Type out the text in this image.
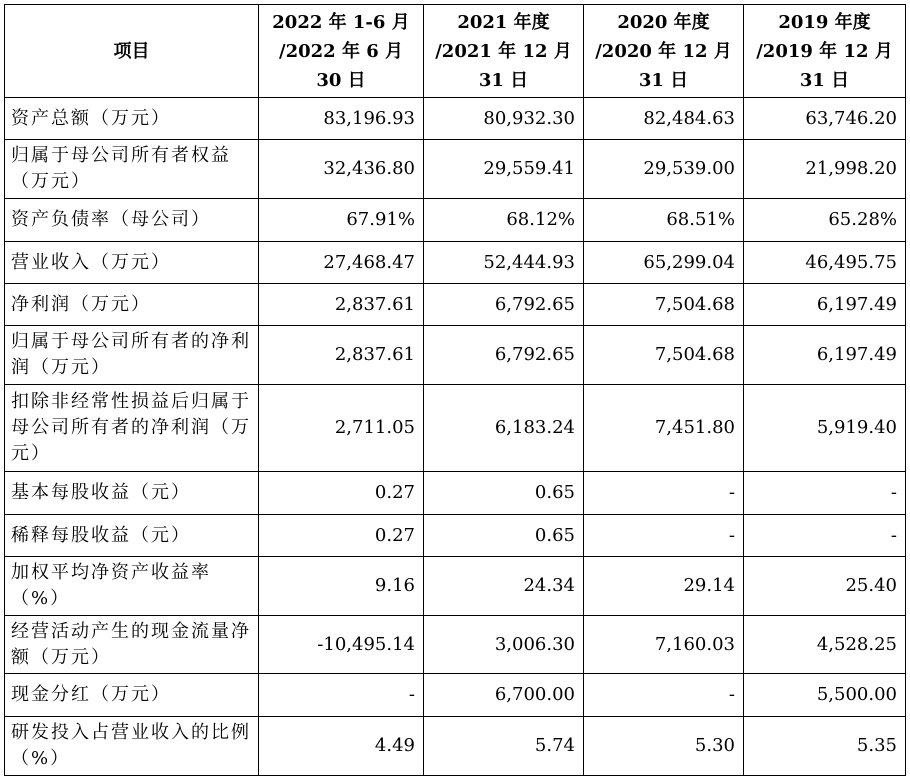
项目	2022 年 1-6 月 /2022 年 6 月 30 日	2021 年度 /2021 年 12 月 31 日	2020 年度 /2020 年 12 月 31 日	2019 年度 /2019 年 12 月 31 日
资产总额（万元）	83,196.93	80,932.30	82,484.63	63,746.20
归属于母公司所有者权益（万元）	32,436.80	29,559.41	29,539.00	21,998.20
资产负债率（母公司）	67.91%	68.12%	68.51%	65.28%
营业收入（万元）	27,468.47	52,444.93	65,299.04	46,495.75
净利润（万元）	2,837.61	6,792.65	7,504.68	6,197.49
归属于母公司所有者的净利润（万元）	2,837.61	6,792.65	7,504.68	6,197.49
扣除非经常性损益后归属于母公司所有者的净利润（万元）	2,711.05	6,183.24	7,451.80	5,919.40
基本每股收益（元）	0.27	0.65	-	-
稀释每股收益（元）	0.27	0.65	-	-
加权平均净资产收益率（%）	9.16	24.34	29.14	25.40
经营活动产生的现金流量净额（万元）	-10,495.14	3,006.30	7,160.03	4,528.25
现金分红（万元）	-	6,700.00	-	5,500.00
研发投入占营业收入的比例（%）	4.49	5.74	5.30	5.35
